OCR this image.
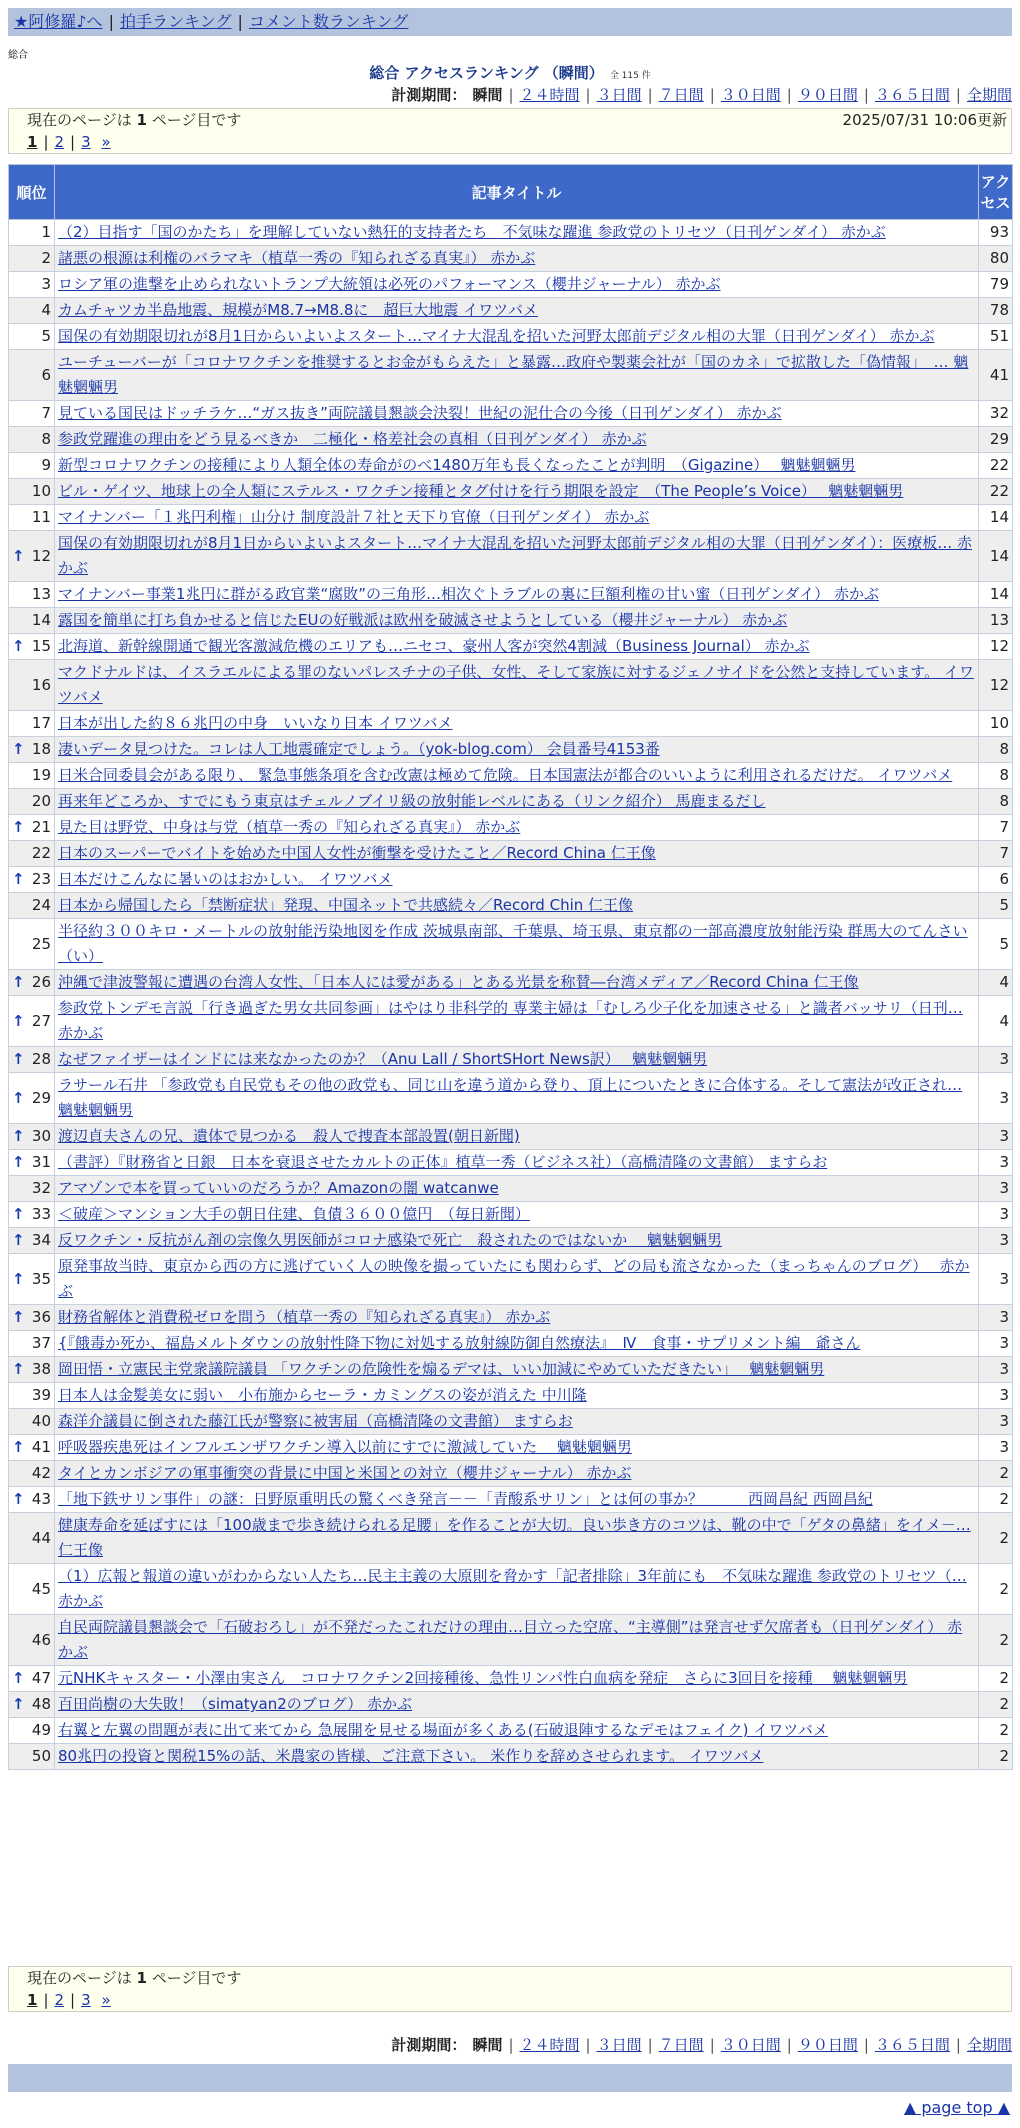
★阿修羅♪へ | 拍手ランキング | コメント数ランキング
総合
総合 アクセスランキング （瞬間） 全 115 件
計測期間： 瞬間 | ２４時間 | ３日間 | ７日間 | ３０日間 | ９０日間 | ３６５日間 | 全期間
現在のページは 1 ページ目です	2025/07/31 10:06更新
1 | 2 | 3 »
順位	記事タイトル	アクセス
1	（2）目指す「国のかたち」を理解していない熱狂的支持者たち　不気味な躍進 参政党のトリセツ（日刊ゲンダイ） 赤かぶ	93
2	諸悪の根源は利権のバラマキ（植草一秀の『知られざる真実』） 赤かぶ	80
3	ロシア軍の進撃を止められないトランプ大統領は必死のパフォーマンス（櫻井ジャーナル） 赤かぶ	79
4	カムチャツカ半島地震、規模がM8.7→M8.8に　超巨大地震 イワツバメ	78
5	国保の有効期限切れが8月1日からいよいよスタート…マイナ大混乱を招いた河野太郎前デジタル相の大罪（日刊ゲンダイ） 赤かぶ	51
6	ユーチューバーが「コロナワクチンを推奨するとお金がもらえた」と暴露…政府や製薬会社が「国のカネ」で拡散した「偽情報」　… 魑魅魍魎男	41
7	見ている国民はドッチラケ…“ガス抜き”両院議員懇談会決裂！世紀の泥仕合の今後（日刊ゲンダイ） 赤かぶ	32
8	参政党躍進の理由をどう見るべきか　二極化・格差社会の真相（日刊ゲンダイ） 赤かぶ	29
9	新型コロナワクチンの接種により人類全体の寿命がのべ1480万年も長くなったことが判明　（Gigazine）　 魑魅魍魎男	22
10	ビル・ゲイツ、地球上の全人類にステルス・ワクチン接種とタグ付けを行う期限を設定　（The People’s Voice）　 魑魅魍魎男	22
11	マイナンバー「１兆円利権」山分け 制度設計７社と天下り官僚（日刊ゲンダイ） 赤かぶ	14

↑ 12	国保の有効期限切れが8月1日からいよいよスタート…マイナ大混乱を招いた河野太郎前デジタル相の大罪（日刊ゲンダイ）：医療板… 赤かぶ	14
13	マイナンバー事業1兆円に群がる政官業“腐敗”の三角形…相次ぐトラブルの裏に巨額利権の甘い蜜（日刊ゲンダイ） 赤かぶ	14
14	露国を簡単に打ち負かせると信じたEUの好戦派は欧州を破滅させようとしている（櫻井ジャーナル） 赤かぶ	13

↑ 15	北海道、新幹線開通で観光客激減危機のエリアも…ニセコ、豪州人客が突然4割減（Business Journal） 赤かぶ	12
16	マクドナルドは、イスラエルによる罪のないパレスチナの子供、女性、そして家族に対するジェノサイドを公然と支持しています。 イワツバメ	12
17	日本が出した約８６兆円の中身　いいなり日本 イワツバメ	10

↑ 18	凄いデータ見つけた。コレは人工地震確定でしょう。（yok-blog.com） 会員番号4153番	8
19	日米合同委員会がある限り、 緊急事態条項を含む改憲は極めて危険。日本国憲法が都合のいいように利用されるだけだ。 イワツバメ	8
20	再来年どころか、すでにもう東京はチェルノブイリ級の放射能レベルにある（リンク紹介） 馬鹿まるだし	8

↑ 21	見た目は野党、中身は与党（植草一秀の『知られざる真実』） 赤かぶ	7
22	日本のスーパーでバイトを始めた中国人女性が衝撃を受けたこと／Record China 仁王像	7

↑ 23	日本だけこんなに暑いのはおかしい。 イワツバメ	6
24	日本から帰国したら「禁断症状」発現、中国ネットで共感続々／Record Chin 仁王像	5
25	半径約３００キロ・メートルの放射能汚染地図を作成 茨城県南部、千葉県、埼玉県、東京都の一部高濃度放射能汚染 群馬大のてんさい（い）	5

↑ 26	沖縄で津波警報に遭遇の台湾人女性、「日本人には愛がある」とある光景を称賛―台湾メディア／Record China 仁王像	4

↑ 27	参政党トンデモ言説「行き過ぎた男女共同参画」はやはり非科学的 専業主婦は「むしろ少子化を加速させる」と識者バッサリ（日刊… 赤かぶ	4

↑ 28	なぜファイザーはインドには来なかったのか？（Anu Lall / ShortSHort News訳）　 魑魅魍魎男	3

↑ 29	ラサール石井 「参政党も自民党もその他の政党も、同じ山を違う道から登り、頂上についたときに合体する。そして憲法が改正され… 魑魅魍魎男	3

↑ 30	渡辺貞夫さんの兄、遺体で見つかる　殺人で捜査本部設置(朝日新聞)	3

↑ 31	（書評）『財務省と日銀　日本を衰退させたカルトの正体』植草一秀（ビジネス社）（高橋清隆の文書館） ますらお	3
32	アマゾンで本を買っていいのだろうか？Amazonの闇 watcanwe	3

↑ 33	＜破産＞マンション大手の朝日住建、負債３６００億円　（毎日新聞）	3

↑ 34	反ワクチン・反抗がん剤の宗像久男医師がコロナ感染で死亡　殺されたのではないか　 魑魅魍魎男	3

↑ 35	原発事故当時、東京から西の方に逃げていく人の映像を撮っていたにも関わらず、どの局も流さなかった（まっちゃんのブログ）　 赤かぶ	3

↑ 36	財務省解体と消費税ゼロを問う（植草一秀の『知られざる真実』） 赤かぶ	3
37	{『餓毒か死か、福島メルトダウンの放射性降下物に対処する放射線防御自然療法』　Ⅳ　食事・サプリメント編　爺さん	3

↑ 38	岡田悟・立憲民主党衆議院議員 「ワクチンの危険性を煽るデマは、いい加減にやめていただきたい」　 魑魅魍魎男	3
39	日本人は金髪美女に弱い＿小布施からセーラ・カミングスの姿が消えた 中川隆	3
40	森洋介議員に倒された藤江氏が警察に被害届（高橋清隆の文書館） ますらお	3

↑ 41	呼吸器疾患死はインフルエンザワクチン導入以前にすでに激減していた　 魑魅魍魎男	3
42	タイとカンボジアの軍事衝突の背景に中国と米国との対立（櫻井ジャーナル） 赤かぶ	2

↑ 43	「地下鉄サリン事件」の謎：日野原重明氏の驚くべき発言－－「青酸系サリン」とは何の事か？　　　西岡昌紀 西岡昌紀	2
44	健康寿命を延ばすには「100歳まで歩き続けられる足腰」を作ることが大切。良い歩き方のコツは、靴の中で「ゲタの鼻緒」をイメ－… 仁王像	2
45	（1）広報と報道の違いがわからない人たち…民主主義の大原則を脅かす「記者排除」3年前にも　不気味な躍進 参政党のトリセツ（… 赤かぶ	2
46	自民両院議員懇談会で「石破おろし」が不発だったこれだけの理由…目立った空席、“主導側”は発言せず欠席者も（日刊ゲンダイ） 赤かぶ	2

↑ 47	元NHKキャスター・小澤由実さん　コロナワクチン2回接種後、急性リンパ性白血病を発症　さらに3回目を接種　 魑魅魍魎男	2

↑ 48	百田尚樹の大失敗！（simatyan2のブログ） 赤かぶ	2
49	右翼と左翼の問題が表に出て来てから 急展開を見せる場面が多くある(石破退陣するなデモはフェイク) イワツバメ	2
50	80兆円の投資と関税15%の話、米農家の皆様、ご注意下さい。 米作りを辞めさせられます。 イワツバメ	2
現在のページは 1 ページ目です
1 | 2 | 3 »
計測期間： 瞬間 | ２４時間 | ３日間 | ７日間 | ３０日間 | ９０日間 | ３６５日間 | 全期間
▲ page top ▲
